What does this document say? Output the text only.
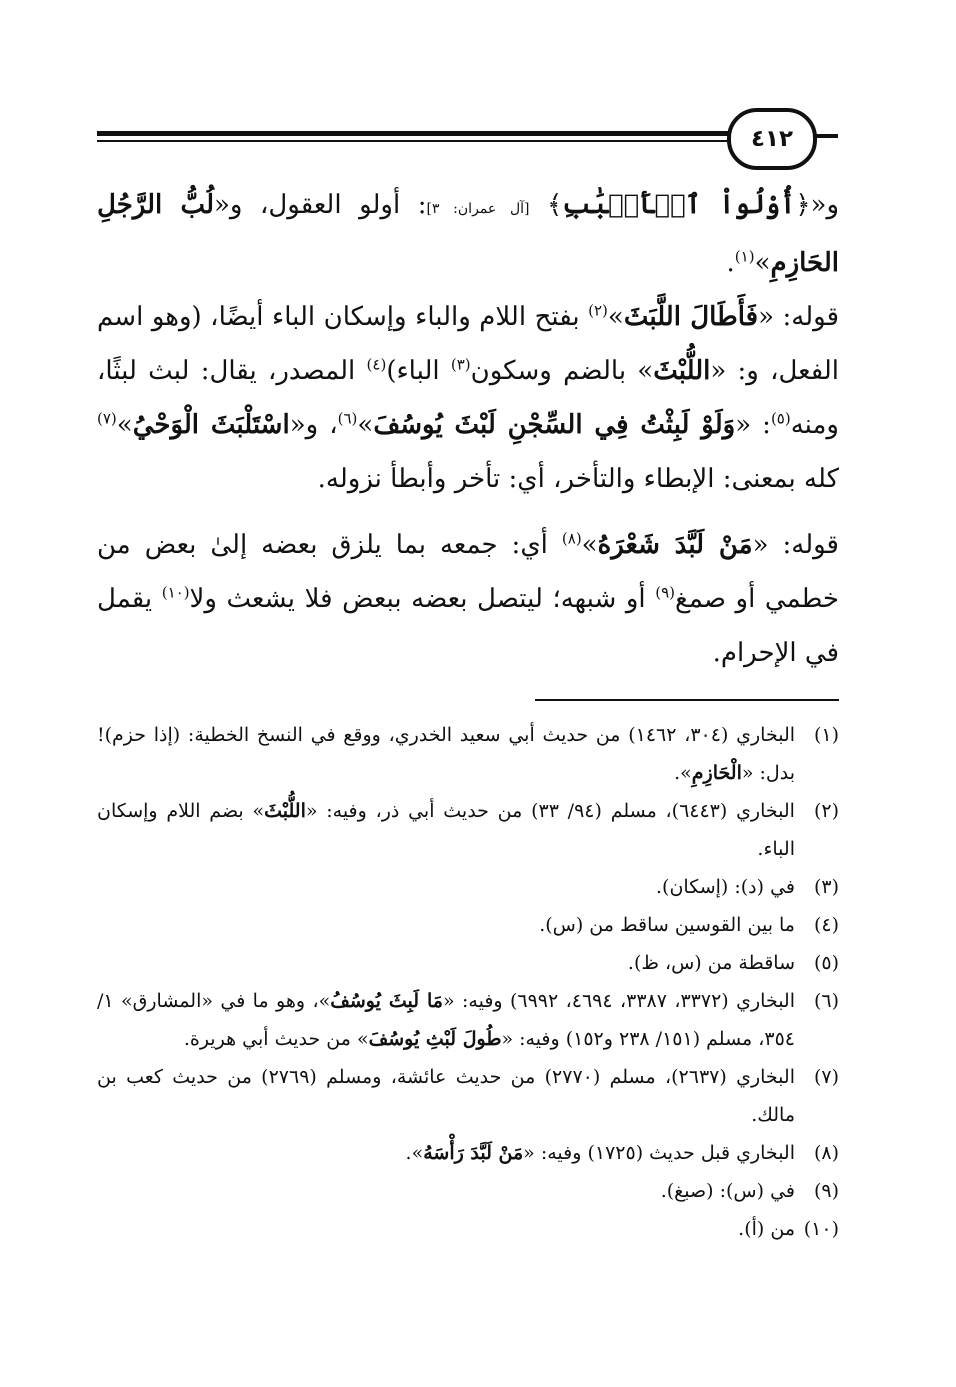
٤١٢

و«﴿أُوْلُواْ ٱلۡأَلۡبَٰبِ﴾ [آل عمران: ٣]: أولو العقول، و«لُبُّ الرَّجُلِ الحَازِمِ»$^{(١)}$.

قوله: «فَأَطَالَ اللَّبَثَ»$^{(٢)}$ بفتح اللام والباء وإسكان الباء أيضًا، (وهو اسم الفعل، و: «اللُّبْثَ» بالضم وسكون$^{(٣)}$ الباء)$^{(٤)}$ المصدر، يقال: لبث لبثًا، ومنه$^{(٥)}$: «وَلَوْ لَبِثْتُ فِي السِّجْنِ لَبْثَ يُوسُفَ»$^{(٦)}$، و«اسْتَلْبَثَ الْوَحْيُ»$^{(٧)}$ كله بمعنى: الإبطاء والتأخر، أي: تأخر وأبطأ نزوله.

قوله: «مَنْ لَبَّدَ شَعْرَهُ»$^{(٨)}$ أي: جمعه بما يلزق بعضه إلىٰ بعض من خطمي أو صمغ$^{(٩)}$ أو شبهه؛ ليتصل بعضه ببعض فلا يشعث ولا$^{(١٠)}$ يقمل في الإحرام.

(١)
البخاري (٣٠٤، ١٤٦٢) من حديث أبي سعيد الخدري، ووقع في النسخ الخطية: (إذا حزم)! بدل: «الْحَازِمِ».
(٢)
البخاري (٦٤٤٣)، مسلم (٩٤/ ٣٣) من حديث أبي ذر، وفيه: «اللُّبْثَ» بضم اللام وإسكان الباء.
(٣)
في (د): (إسكان).
(٤)
ما بين القوسين ساقط من (س).
(٥)
ساقطة من (س، ظ).
(٦)
البخاري (٣٣٧٢، ٣٣٨٧، ٤٦٩٤، ٦٩٩٢) وفيه: «مَا لَبِثَ يُوسُفُ»، وهو ما في «المشارق» ١/ ٣٥٤، مسلم (١٥١/ ٢٣٨ و١٥٢) وفيه: «طُولَ لَبْثِ يُوسُفَ» من حديث أبي هريرة.
(٧)
البخاري (٢٦٣٧)، مسلم (٢٧٧٠) من حديث عائشة، ومسلم (٢٧٦٩) من حديث كعب بن مالك.
(٨)
البخاري قبل حديث (١٧٢٥) وفيه: «مَنْ لَبَّدَ رَأْسَهُ».
(٩)
في (س): (صبغ).
(١٠)
من (أ).
